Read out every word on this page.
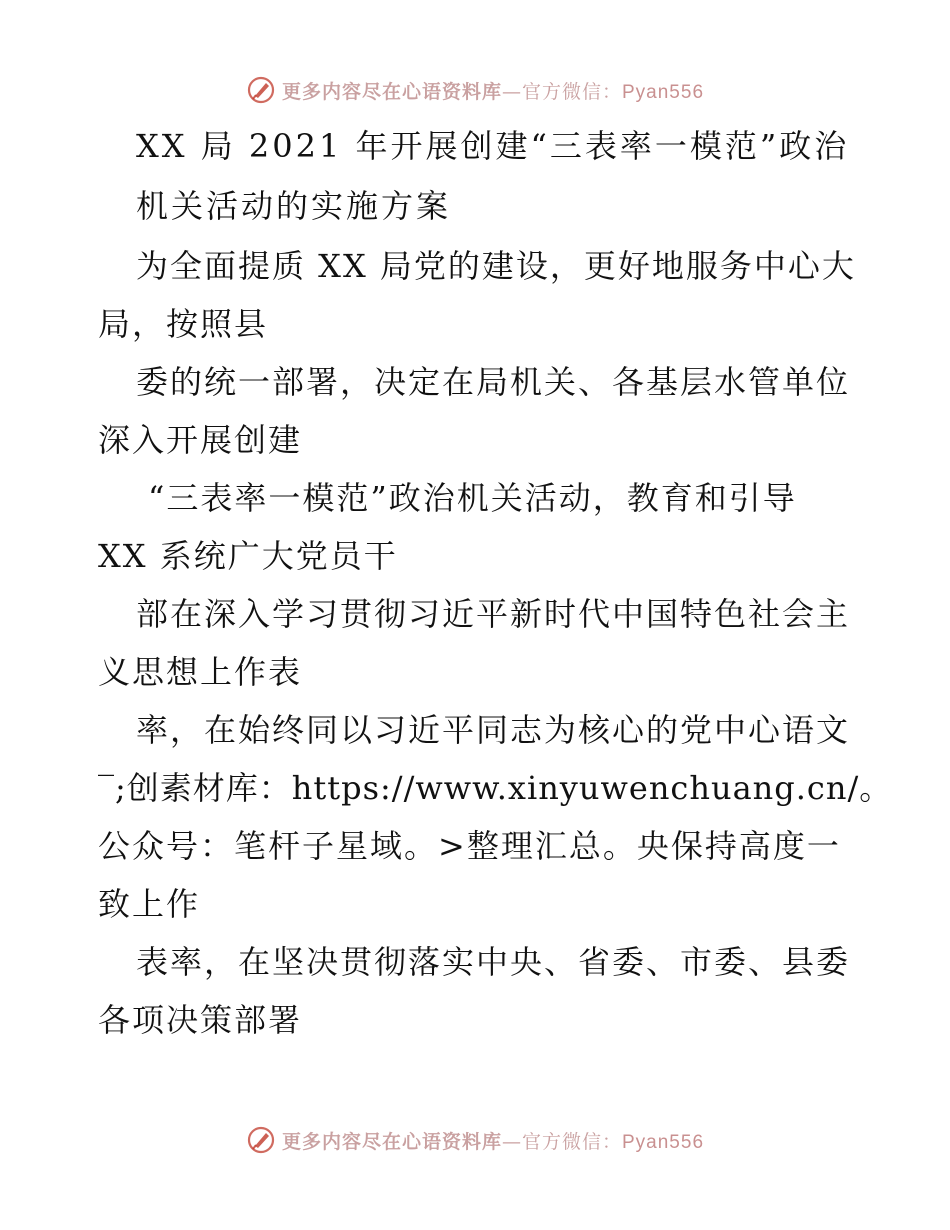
更多内容尽在心语资料库—官方微信：Pyan556
XX 局 2021 年开展创建“三表率一模范”政治
机关活动的实施方案
为全面提质 XX 局党的建设，更好地服务中心大
局，按照县
委的统一部署，决定在局机关、各基层水管单位
深入开展创建
“三表率一模范”政治机关活动，教育和引导
XX 系统广大党员干
部在深入学习贯彻习近平新时代中国特色社会主
义思想上作表
率，在始终同以习近平同志为核心的党中心语文
‾;创素材库：https://www.xinyuwenchuang.cn/。
公众号：笔杆子星域。>整理汇总。央保持高度一
致上作
表率，在坚决贯彻落实中央、省委、市委、县委
各项决策部署
更多内容尽在心语资料库—官方微信：Pyan556
